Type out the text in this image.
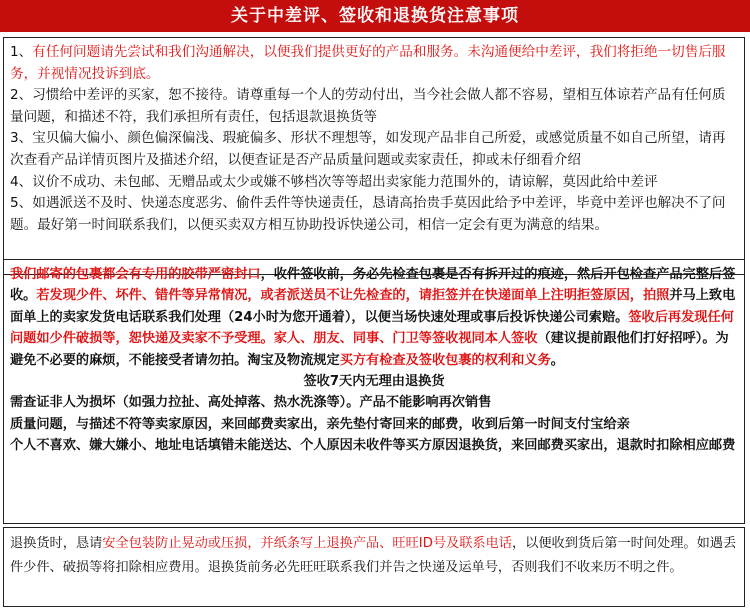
关于中差评、签收和退换货注意事项

1、有任何问题请先尝试和我们沟通解决，以便我们提供更好的产品和服务。未沟通便给中差评，我们将拒绝一切售后服务，并视情况投诉到底。

2、习惯给中差评的买家，恕不接待。请尊重每一个人的劳动付出，当今社会做人都不容易，望相互体谅若产品有任何质量问题，和描述不符，我们承担所有责任，包括退款退换货等

3、宝贝偏大偏小、颜色偏深偏浅、瑕疵偏多、形状不理想等，如发现产品非自己所爱，或感觉质量不如自己所望，请再次查看产品详情页图片及描述介绍，以便查证是否产品质量问题或卖家责任，抑或未仔细看介绍

4、议价不成功、未包邮、无赠品或太少或嫌不够档次等等超出卖家能力范围外的，请谅解，莫因此给中差评

5、如遇派送不及时、快递态度恶劣、偷件丢件等快递责任，恳请高抬贵手莫因此给予中差评，毕竟中差评也解决不了问题。最好第一时间联系我们，以便买卖双方相互协助投诉快递公司，相信一定会有更为满意的结果。

我们邮寄的包裹都会有专用的胶带严密封口，收件签收前，务必先检查包裹是否有拆开过的痕迹，然后开包检查产品完整后签收。若发现少件、坏件、错件等异常情况，或者派送员不让先检查的，请拒签并在快递面单上注明拒签原因，拍照并马上致电面单上的卖家发货电话联系我们处理（24小时为您开通着），以便当场快速处理或事后投诉快递公司索赔。签收后再发现任何问题如少件破损等，恕快递及卖家不予受理。家人、朋友、同事、门卫等签收视同本人签收（建议提前跟他们打好招呼）。为避免不必要的麻烦，不能接受者请勿拍。淘宝及物流规定买方有检查及签收包裹的权利和义务。

签收7天内无理由退换货

需查证非人为损坏（如强力拉扯、高处掉落、热水洗涤等）。产品不能影响再次销售

质量问题，与描述不符等卖家原因，来回邮费卖家出，亲先垫付寄回来的邮费，收到后第一时间支付宝给亲

个人不喜欢、嫌大嫌小、地址电话填错未能送达、个人原因未收件等买方原因退换货，来回邮费买家出，退款时扣除相应邮费

退换货时，恳请安全包装防止晃动或压损，并纸条写上退换产品、旺旺ID号及联系电话，以便收到货后第一时间处理。如遇丢件少件、破损等将扣除相应费用。退换货前务必先旺旺联系我们并告之快递及运单号，否则我们不收来历不明之件。
